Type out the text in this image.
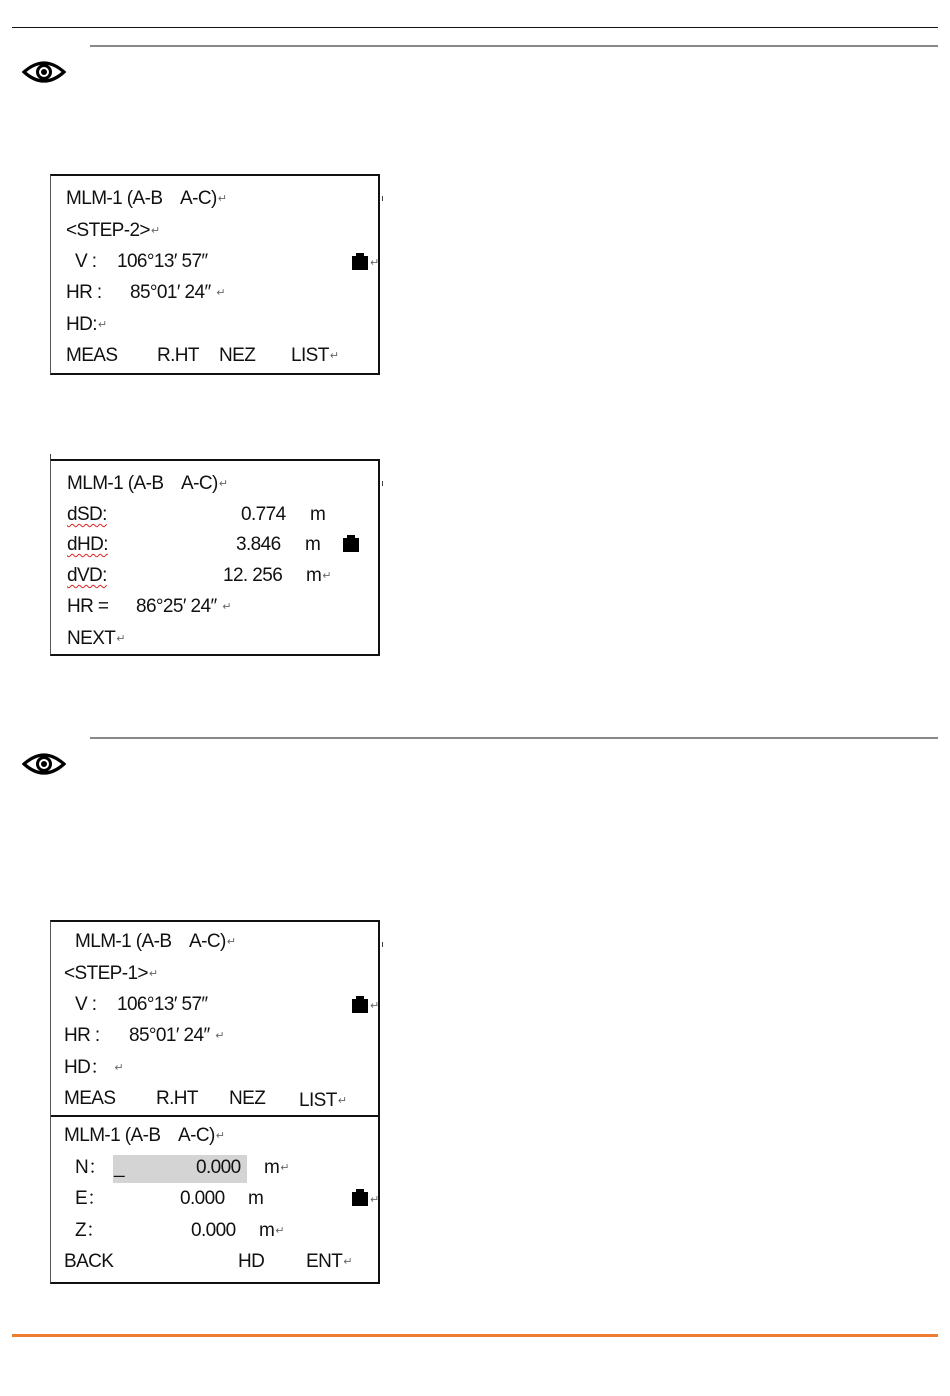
MLM-1 (A-B    A-C)↵
<STEP-2>↵
V : 106°13′ 57″	↵
HR : 85°01′ 24″ ↵
HD:↵
MEAS R.HT NEZ LIST↵
MLM-1 (A-B    A-C)↵
dSD:	0.774 m
dHD:	3.846 m
dVD:	12. 256 m↵
HR = 86°25′ 24″ ↵
NEXT↵
MLM-1 (A-B    A-C)↵
<STEP-1>↵
V : 106°13′ 57″	↵
HR : 85°01′ 24″ ↵
HD： ↵
MEAS R.HT NEZ LIST↵
MLM-1 (A-B    A-C)↵
N： _	0.000 m↵
E：	0.000 m	↵
Z：	0.000 m↵
BACK	HD ENT↵
